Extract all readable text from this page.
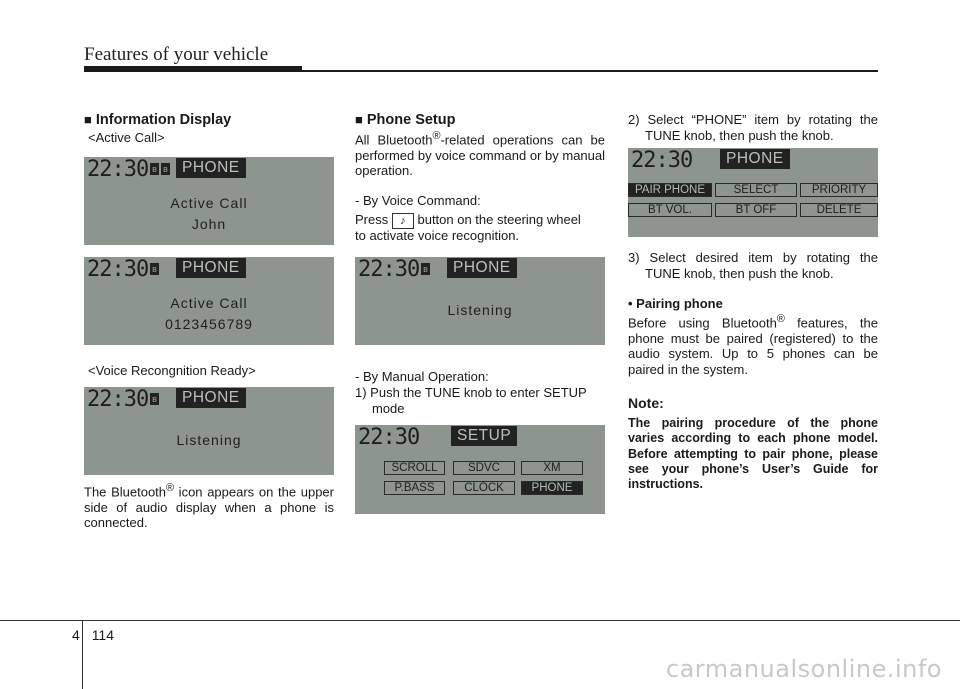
Features of your vehicle
■ Information Display
<Active Call>
22:30 ʙ ʙ PHONE
Active Call
John
22:30 ʙ	PHONE
Active Call
0123456789
<Voice Recongnition Ready>
22:30 ʙ	PHONE
Listening
The Bluetooth® icon appears on the upper side of audio display when a phone is connected.
■ Phone Setup
All Bluetooth®-related operations can be performed by voice command or by manual operation.
- By Voice Command:
Press ♪ button on the steering wheel
to activate voice recognition.
22:30 ʙ	PHONE
Listening
- By Manual Operation:
1) Push the TUNE knob to enter SETUP mode
22:30	SETUP
SCROLL	SDVC	XM
P.BASS	CLOCK	PHONE
2) Select “PHONE” item by rotating the TUNE knob, then push the knob.
22:30	PHONE
PAIR PHONE	SELECT	PRIORITY
BT VOL.	BT OFF	DELETE
3) Select desired item by rotating the TUNE knob, then push the knob.
• Pairing phone
Before using Bluetooth® features, the phone must be paired (registered) to the audio system. Up to 5 phones can be paired in the system.
Note:
The pairing procedure of the phone varies according to each phone model. Before attempting to pair phone, please see your phone’s User’s Guide for instructions.
4 114
carmanualsonline.info
